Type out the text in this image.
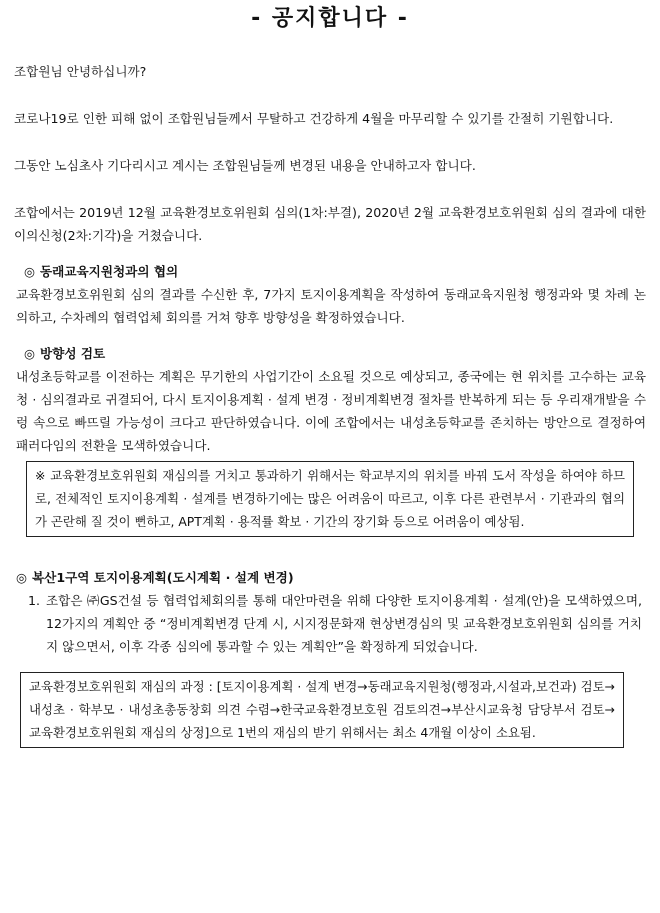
- 공지합니다 -

조합원님 안녕하십니까?

코로나19로 인한 피해 없이 조합원님들께서 무탈하고 건강하게 4월을 마무리할 수 있기를 간절히 기원합니다.

그동안 노심초사 기다리시고 계시는 조합원님들께 변경된 내용을 안내하고자 합니다.

조합에서는 2019년 12월 교육환경보호위원회 심의(1차:부결), 2020년 2월 교육환경보호위원회 심의 결과에 대한 이의신청(2차:기각)을 거쳤습니다.

◎ 동래교육지원청과의 협의

교육환경보호위원회 심의 결과를 수신한 후, 7가지 토지이용계획을 작성하여 동래교육지원청 행정과와 몇 차례 논의하고, 수차례의 협력업체 회의를 거쳐 향후 방향성을 확정하였습니다.

◎ 방향성 검토

내성초등학교를 이전하는 계획은 무기한의 사업기간이 소요될 것으로 예상되고, 종국에는 현 위치를 고수하는 교육청 · 심의결과로 귀결되어, 다시 토지이용계획 · 설계 변경 · 정비계획변경 절차를 반복하게 되는 등 우리재개발을 수렁 속으로 빠뜨릴 가능성이 크다고 판단하였습니다. 이에 조합에서는 내성초등학교를 존치하는 방안으로 결정하여 패러다임의 전환을 모색하였습니다.

※ 교육환경보호위원회 재심의를 거치고 통과하기 위해서는 학교부지의 위치를 바꿔 도서 작성을 하여야 하므로, 전체적인 토지이용계획 · 설계를 변경하기에는 많은 어려움이 따르고, 이후 다른 관련부서 · 기관과의 협의가 곤란해 질 것이 뻔하고, APT계획 · 용적률 확보 · 기간의 장기화 등으로 어려움이 예상됨.
◎ 복산1구역 토지이용계획(도시계획 · 설계 변경)
1. 조합은 ㈜GS건설 등 협력업체회의를 통해 대안마련을 위해 다양한 토지이용계획 · 설계(안)을 모색하였으며, 12가지의 계획안 중 “정비계획변경 단계 시, 시지정문화재 현상변경심의 및 교육환경보호위원회 심의를 거치지 않으면서, 이후 각종 심의에 통과할 수 있는 계획안”을 확정하게 되었습니다.
교육환경보호위원회 재심의 과정 : [토지이용계획 · 설계 변경→동래교육지원청(행정과,시설과,보건과) 검토→내성초 · 학부모 · 내성초총동창회 의견 수렴→한국교육환경보호원 검토의견→부산시교육청 담당부서 검토→교육환경보호위원회 재심의 상정]으로 1번의 재심의 받기 위해서는 최소 4개월 이상이 소요됨.
